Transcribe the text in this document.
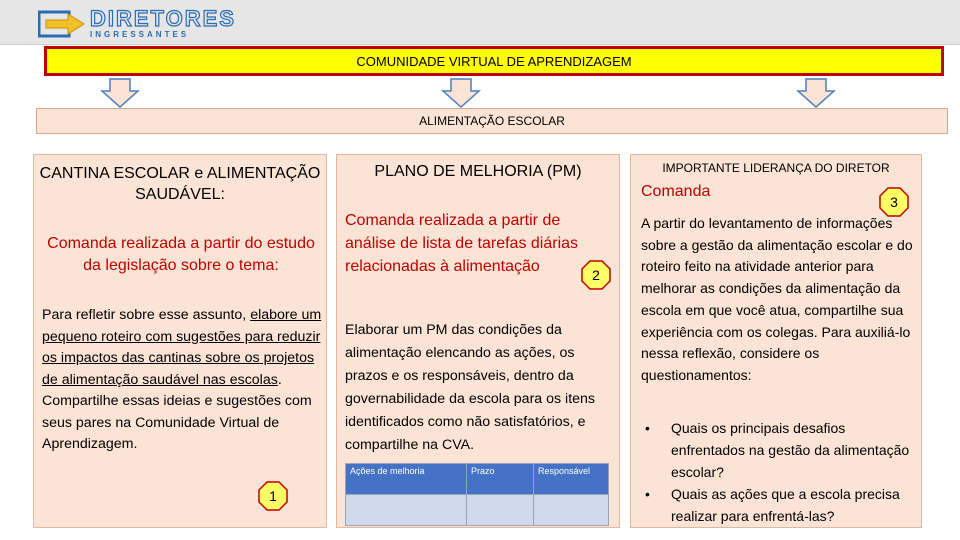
DIRETORES
INGRESSANTES
COMUNIDADE VIRTUAL DE APRENDIZAGEM
ALIMENTAÇÃO ESCOLAR
CANTINA ESCOLAR e ALIMENTAÇÃO SAUDÁVEL:
Comanda realizada a partir do estudo da legislação sobre o tema:
Para refletir sobre esse assunto, elabore um pequeno roteiro com sugestões para reduzir os impactos das cantinas sobre os projetos de alimentação saudável nas escolas. Compartilhe essas ideias e sugestões com seus pares na Comunidade Virtual de Aprendizagem.
1
PLANO DE MELHORIA (PM)
Comanda realizada a partir de análise de lista de tarefas diárias relacionadas à alimentação	2
Elaborar um PM das condições da alimentação elencando as ações, os prazos e os responsáveis, dentro da governabilidade da escola para os itens identificados como não satisfatórios, e compartilhe na CVA.
Ações de melhoria	Prazo	Responsável

IMPORTANTE LIDERANÇA DO DIRETOR
Comanda
3
A partir do levantamento de informações sobre a gestão da alimentação escolar e do roteiro feito na atividade anterior para melhorar as condições da alimentação da escola em que você atua, compartilhe sua experiência com os colegas. Para auxiliá-lo nessa reflexão, considere os questionamentos:
• Quais os principais desafios enfrentados na gestão da alimentação escolar?
• Quais as ações que a escola precisa realizar para enfrentá-las?
